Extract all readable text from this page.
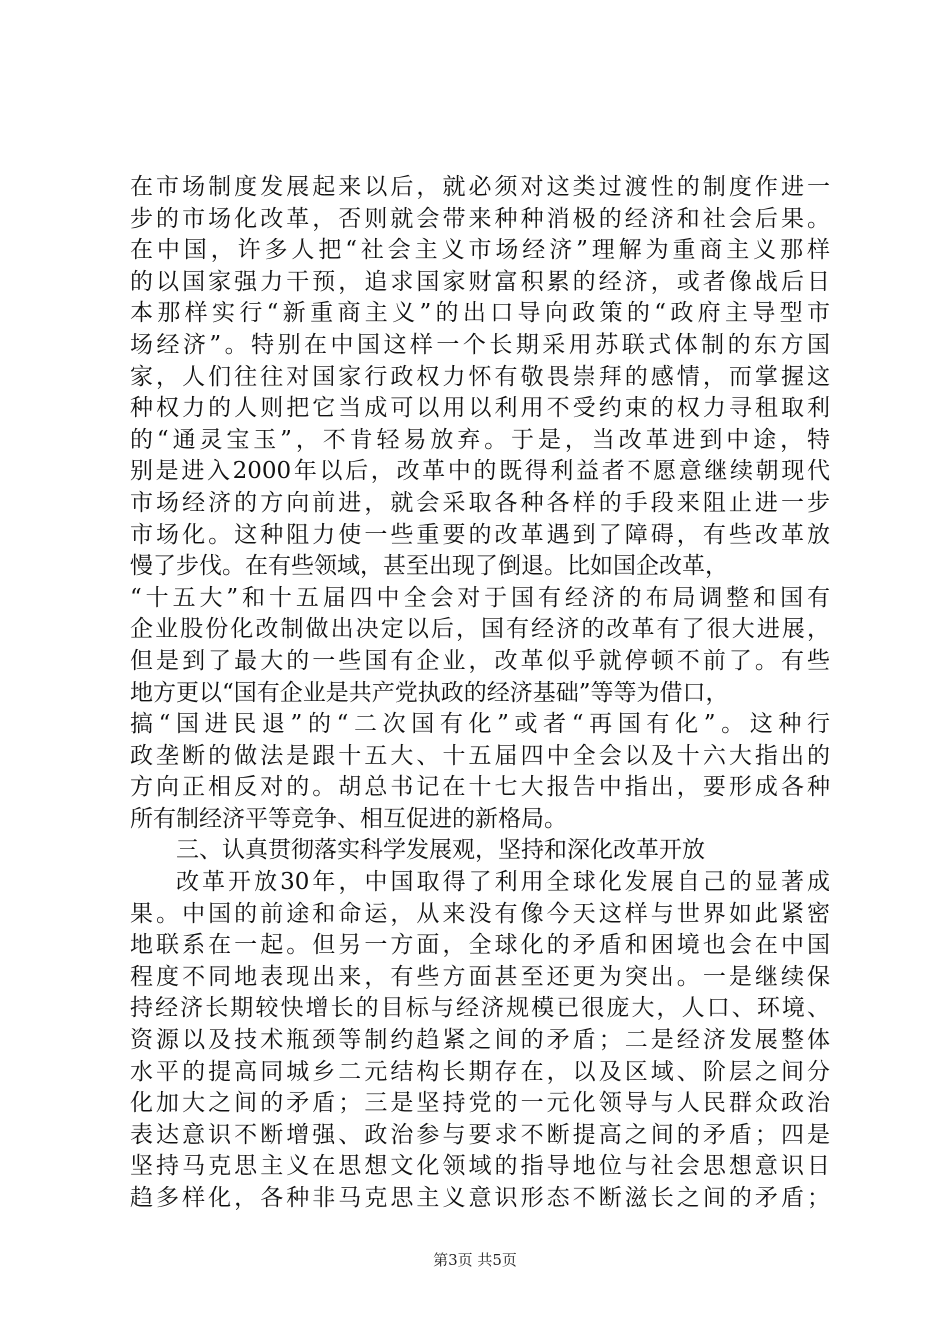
在市场制度发展起来以后，就必须对这类过渡性的制度作进一
步的市场化改革，否则就会带来种种消极的经济和社会后果。
在中国，许多人把“社会主义市场经济”理解为重商主义那样
的以国家强力干预，追求国家财富积累的经济，或者像战后日
本那样实行“新重商主义”的出口导向政策的“政府主导型市
场经济”。特别在中国这样一个长期采用苏联式体制的东方国
家，人们往往对国家行政权力怀有敬畏崇拜的感情，而掌握这
种权力的人则把它当成可以用以利用不受约束的权力寻租取利
的“通灵宝玉”，不肯轻易放弃。于是，当改革进到中途，特
别是进入2000年以后，改革中的既得利益者不愿意继续朝现代
市场经济的方向前进，就会采取各种各样的手段来阻止进一步
市场化。这种阻力使一些重要的改革遇到了障碍，有些改革放
慢了步伐。在有些领域，甚至出现了倒退。比如国企改革，
“十五大”和十五届四中全会对于国有经济的布局调整和国有
企业股份化改制做出决定以后，国有经济的改革有了很大进展，
但是到了最大的一些国有企业，改革似乎就停顿不前了。有些
地方更以“国有企业是共产党执政的经济基础”等等为借口，
搞“国进民退”的“二次国有化”或者“再国有化”。这种行
政垄断的做法是跟十五大、十五届四中全会以及十六大指出的
方向正相反对的。胡总书记在十七大报告中指出，要形成各种
所有制经济平等竞争、相互促进的新格局。
三、认真贯彻落实科学发展观，坚持和深化改革开放
改革开放30年，中国取得了利用全球化发展自己的显著成
果。中国的前途和命运，从来没有像今天这样与世界如此紧密
地联系在一起。但另一方面，全球化的矛盾和困境也会在中国
程度不同地表现出来，有些方面甚至还更为突出。一是继续保
持经济长期较快增长的目标与经济规模已很庞大，人口、环境、
资源以及技术瓶颈等制约趋紧之间的矛盾；二是经济发展整体
水平的提高同城乡二元结构长期存在，以及区域、阶层之间分
化加大之间的矛盾；三是坚持党的一元化领导与人民群众政治
表达意识不断增强、政治参与要求不断提高之间的矛盾；四是
坚持马克思主义在思想文化领域的指导地位与社会思想意识日
趋多样化，各种非马克思主义意识形态不断滋长之间的矛盾；
第3页 共5页
